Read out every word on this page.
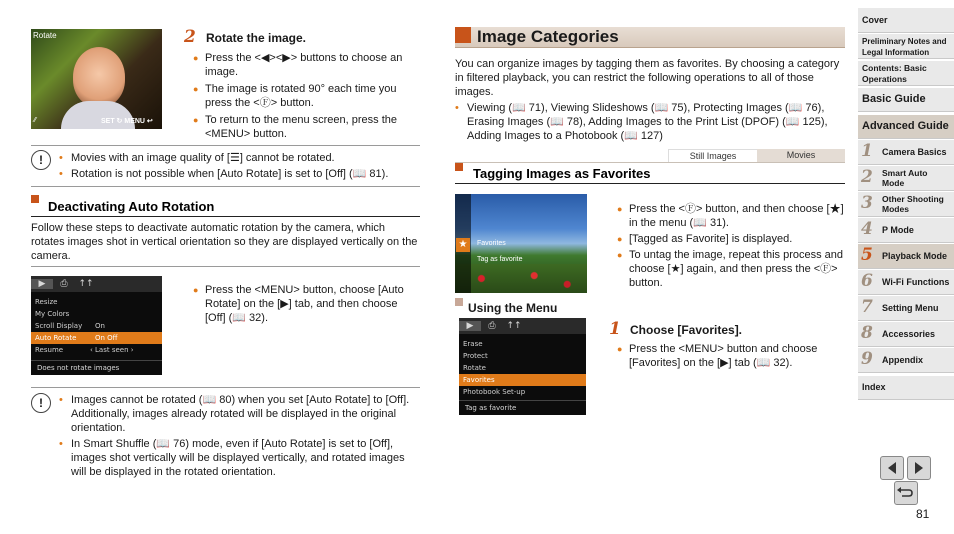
Rotate
⁄⁄	SET ↻ MENU ↩
2 Rotate the image.
● Press the <◀><▶> buttons to choose an image.
● The image is rotated 90° each time you press the <Ⓕ> button.
● To return to the menu screen, press the <MENU> button.
!	• Movies with an image quality of [☰] cannot be rotated.
• Rotation is not possible when [Auto Rotate] is set to [Off] (📖 81).
Deactivating Auto Rotation

Follow these steps to deactivate automatic rotation by the camera, which rotates images shot in vertical orientation so they are displayed vertically on the camera.

▶	⎙	↑↑
Resize
My Colors
Scroll Display	On
Auto Rotate	On Off
Resume	‹ Last seen ›
Does not rotate images
● Press the <MENU> button, choose [Auto Rotate] on the [▶] tab, and then choose [Off] (📖 32).
!	• Images cannot be rotated (📖 80) when you set [Auto Rotate] to [Off]. Additionally, images already rotated will be displayed in the original orientation.
• In Smart Shuffle (📖 76) mode, even if [Auto Rotate] is set to [Off], images shot vertically will be displayed vertically, and rotated images will be displayed in the rotated orientation.
Image Categories

You can organize images by tagging them as favorites. By choosing a category in filtered playback, you can restrict the following operations to all of those images.

• Viewing (📖 71), Viewing Slideshows (📖 75), Protecting Images (📖 76), Erasing Images (📖 78), Adding Images to the Print List (DPOF) (📖 125), Adding Images to a Photobook (📖 127)
Still Images	Movies
Tagging Images as Favorites
★	Favorites
Tag as favorite
● Press the <Ⓕ> button, and then choose [★] in the menu (📖 31).
● [Tagged as Favorite] is displayed.
● To untag the image, repeat this process and choose [★] again, and then press the <Ⓕ> button.
Using the Menu
▶	⎙	↑↑
Erase
Protect
Rotate
Favorites
Photobook Set-up
Tag as favorite
1 Choose [Favorites].
● Press the <MENU> button and choose [Favorites] on the [▶] tab (📖 32).
Cover
Preliminary Notes and Legal Information
Contents: Basic Operations
Basic Guide
Advanced Guide
1 Camera Basics
2 Smart Auto Mode
3 Other Shooting Modes
4 P Mode
5 Playback Mode
6 Wi-Fi Functions
7 Setting Menu
8 Accessories
9 Appendix
Index
81
